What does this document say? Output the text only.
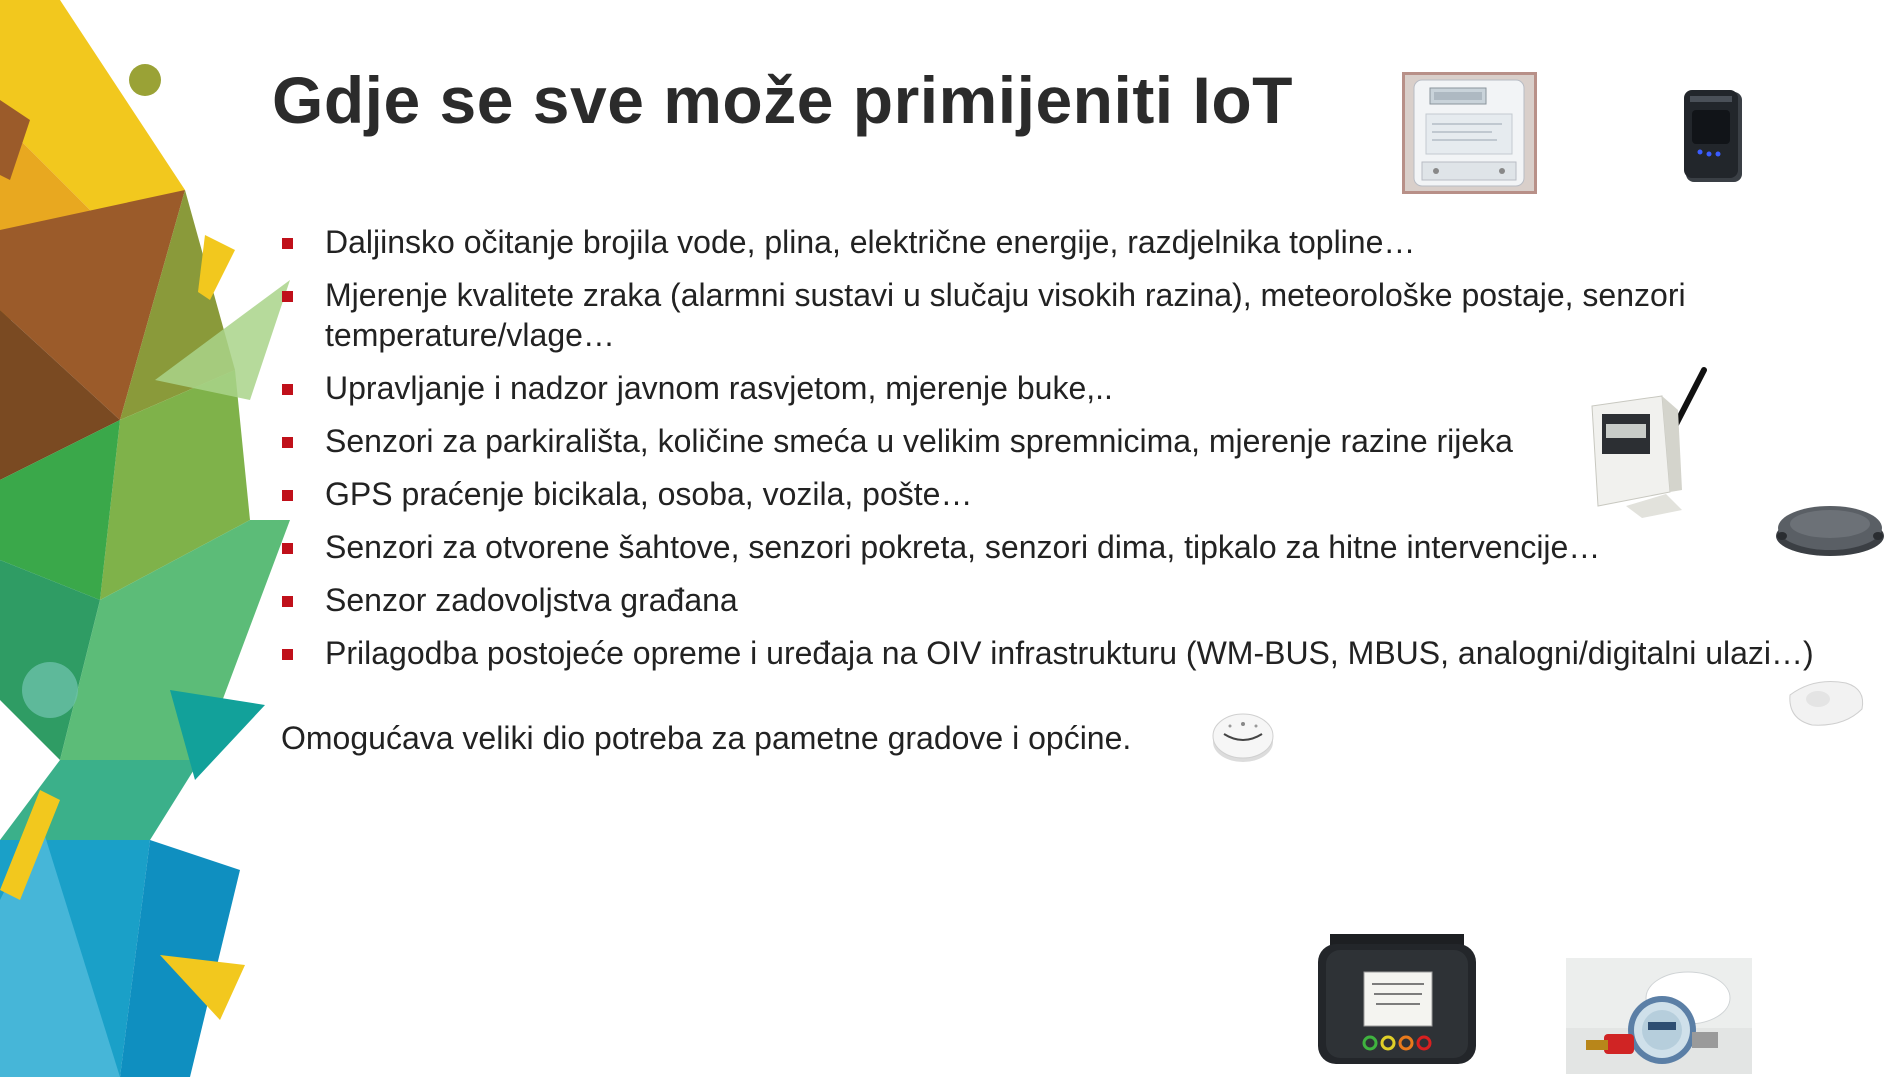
Gdje se sve može primijeniti IoT
Daljinsko očitanje brojila vode, plina, električne energije, razdjelnika topline…
Mjerenje kvalitete zraka (alarmni sustavi u slučaju visokih razina), meteorološke postaje, senzori temperature/vlage…
Upravljanje i nadzor javnom rasvjetom, mjerenje buke,..
Senzori za parkirališta, količine smeća u velikim spremnicima, mjerenje razine rijeka
GPS praćenje bicikala, osoba, vozila, pošte…
Senzori za otvorene šahtove, senzori pokreta, senzori dima, tipkalo za hitne intervencije…
Senzor zadovoljstva građana
Prilagodba postojeće opreme i uređaja na OIV infrastrukturu (WM-BUS, MBUS, analogni/digitalni ulazi…)
Omogućava veliki dio potreba za pametne gradove i općine.
